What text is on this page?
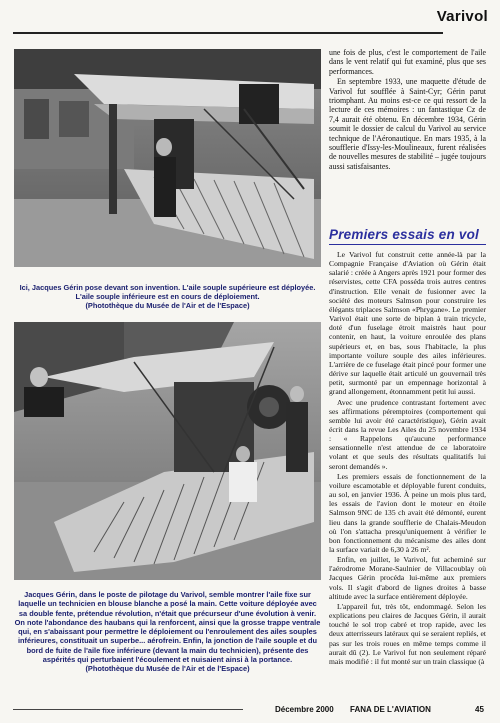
Varivol

Ici, Jacques Gérin pose devant son invention. L'aile souple supérieure est déployée.

L'aile souple inférieure est en cours de déploiement.

(Photothèque du Musée de l'Air et de l'Espace)

Jacques Gérin, dans le poste de pilotage du Varivol, semble montrer l'aile fixe sur laquelle un technicien en blouse blanche a posé la main. Cette voiture déployée avec sa double fente, prétendue révolution, n'était que précurseur d'une évolution à venir. On note l'abondance des haubans qui la renforcent, ainsi que la grosse trappe ventrale qui, en s'abaissant pour permettre le déploiement ou l'enroulement des ailes souples inférieures, constituait un superbe... aérofrein. Enfin, la jonction de l'aile souple et du bord de fuite de l'aile fixe inférieure (devant la main du technicien), présente des aspérités qui perturbaient l'écoulement et nuisaient ainsi à la portance.

(Photothèque du Musée de l'Air et de l'Espace)

une fois de plus, c'est le comportement de l'aile dans le vent relatif qui fut examiné, plus que ses performances.

En septembre 1933, une maquette d'étude de Varivol fut soufflée à Saint-Cyr; Gérin parut triomphant. Au moins est-ce ce qui ressort de la lecture de ces mémoires : un fantastique Cz de 7,4 aurait été obtenu. En décembre 1934, Gérin soumit le dossier de calcul du Varivol au service technique de l'Aéronautique. En mars 1935, à la soufflerie d'Issy-les-Moulineaux, furent réalisées de nouvelles mesures de stabilité – jugée toujours aussi satisfaisantes.

Premiers essais en vol

Le Varivol fut construit cette année-là par la Compagnie Française d'Aviation où Gérin était salarié : créée à Angers après 1921 pour former des réservistes, cette CFA posséda trois autres centres d'instruction. Elle venait de fusionner avec la société des moteurs Salmson pour construire les élégants triplaces Salmson «Phrygane». Le premier Varivol était une sorte de biplan à train tricycle, doté d'un fuselage étroit maistrès haut pour contenir, en haut, la voiture enroulée des plans supérieurs et, en bas, sous l'habitacle, la plus importante voilure souple des ailes inférieures. L'arrière de ce fuselage était pincé pour former une dérive sur laquelle était articulé un gouvernail très petit, surmonté par un empennage horizontal à grand allongement, étonnamment petit lui aussi.

Avec une prudence contrastant fortement avec ses affirmations péremptoires (comportement qui semble lui avoir été caractéristique), Gérin avait écrit dans la revue Les Ailes du 25 novembre 1934 : « Rappelons qu'aucune performance sensationnelle n'est attendue de ce laboratoire volant et que seuls des résultats qualitatifs lui seront demandés ».

Les premiers essais de fonctionnement de la voilure escamotable et déployable furent conduits, au sol, en janvier 1936. À peine un mois plus tard, les essais de l'avion dont le moteur en étoile Salmson 9NC de 135 ch avait été démonté, eurent lieu dans la grande soufflerie de Chalais-Meudon où l'on s'attacha presqu'uniquement à vérifier le bon fonctionnement du mécanisme des ailes dont la surface variait de 6,30 à 26 m².

Enfin, en juillet, le Varivol, fut acheminé sur l'aérodrome Morane-Saulnier de Villacoublay où Jacques Gérin procéda lui-même aux premiers vols. Il s'agit d'abord de lignes droites à basse altitude avec la surface entièrement déployée.

L'appareil fut, très tôt, endommagé. Selon les explications peu claires de Jacques Gérin, il aurait touché le sol trop cabré et trop rapide, avec les deux atterrisseurs latéraux qui se seraient repliés, et pas sur les trois roues en même temps comme il aurait dû (2). Le Varivol fut non seulement réparé mais modifié : il fut monté sur un train classique (à

Décembre 2000 FANA DE L'AVIATION	45
